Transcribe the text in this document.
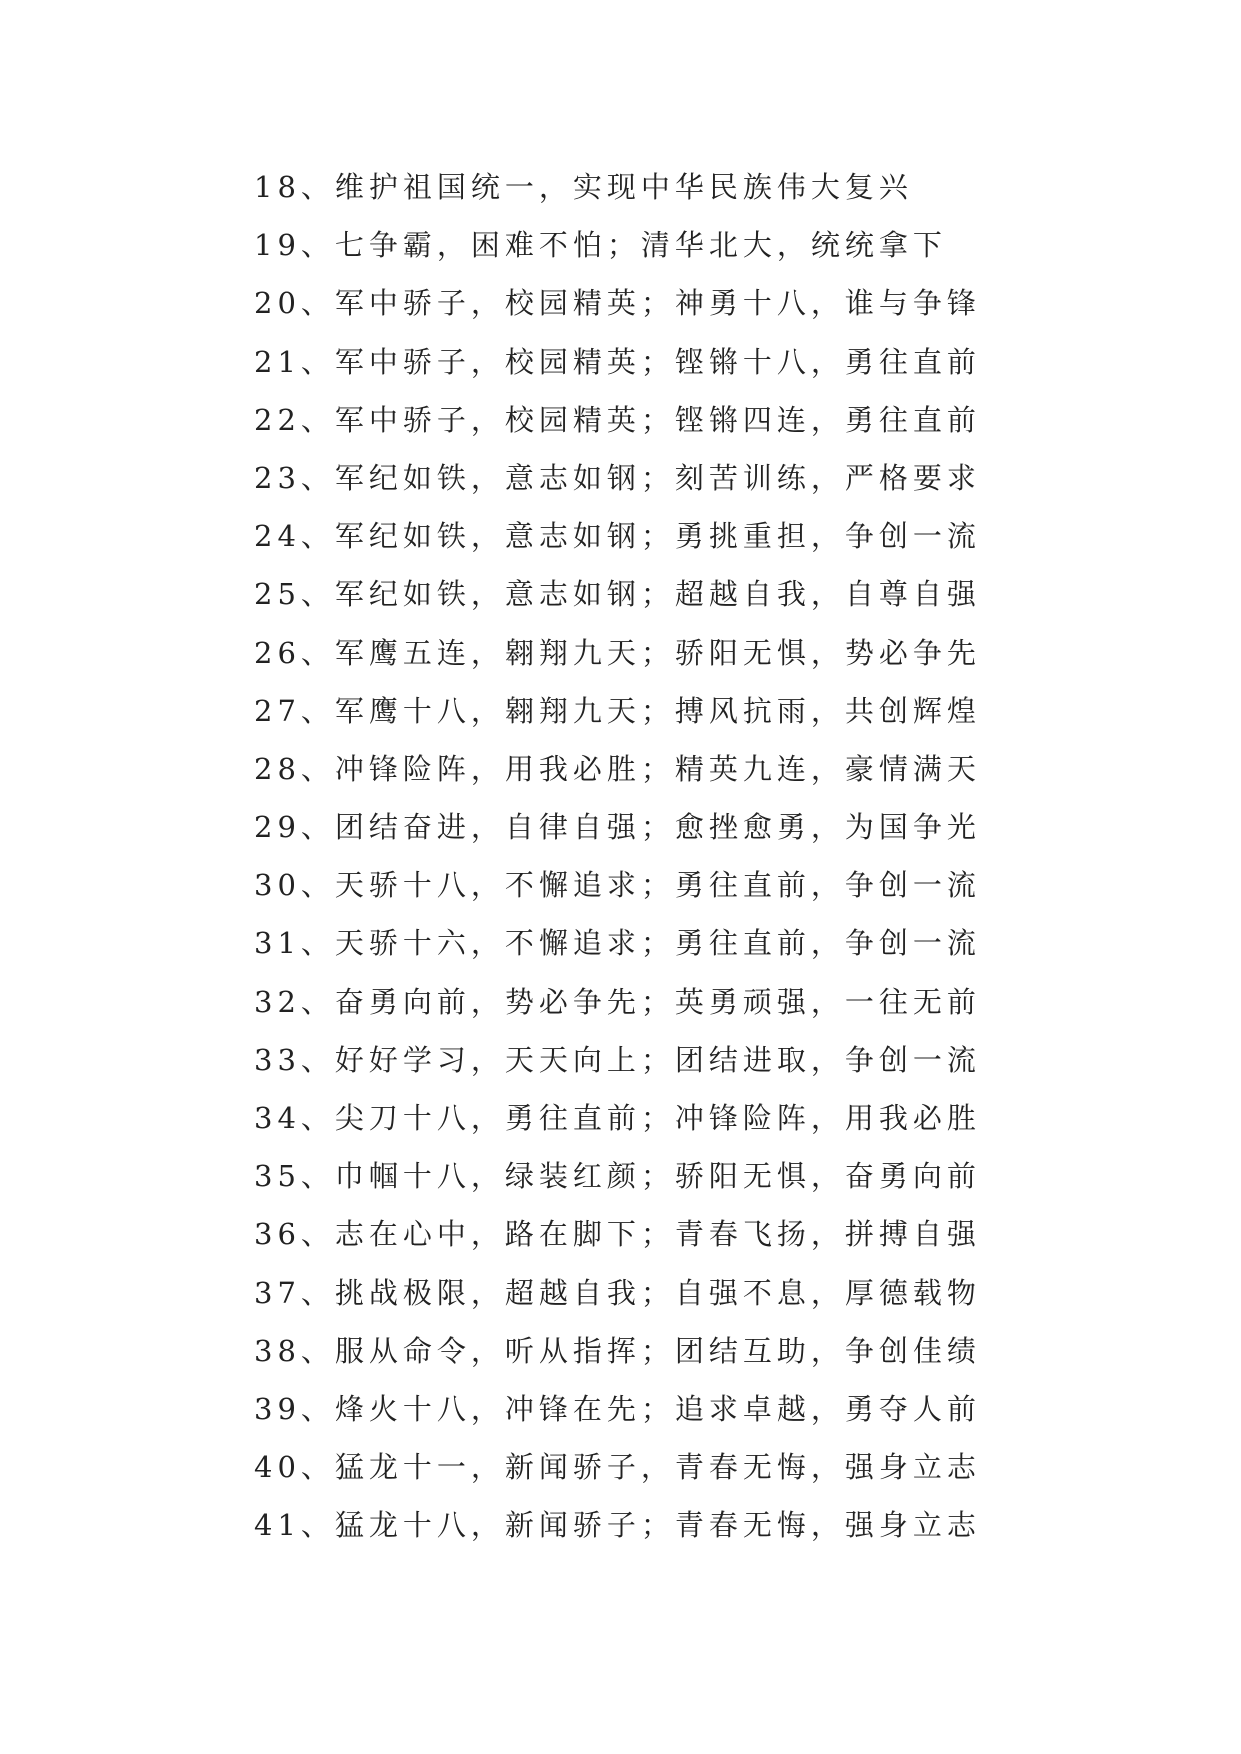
18、维护祖国统一，实现中华民族伟大复兴
19、七争霸，困难不怕；清华北大，统统拿下
20、军中骄子，校园精英；神勇十八，谁与争锋
21、军中骄子，校园精英；铿锵十八，勇往直前
22、军中骄子，校园精英；铿锵四连，勇往直前
23、军纪如铁，意志如钢；刻苦训练，严格要求
24、军纪如铁，意志如钢；勇挑重担，争创一流
25、军纪如铁，意志如钢；超越自我，自尊自强
26、军鹰五连，翱翔九天；骄阳无惧，势必争先
27、军鹰十八，翱翔九天；搏风抗雨，共创辉煌
28、冲锋险阵，用我必胜；精英九连，豪情满天
29、团结奋进，自律自强；愈挫愈勇，为国争光
30、天骄十八，不懈追求；勇往直前，争创一流
31、天骄十六，不懈追求；勇往直前，争创一流
32、奋勇向前，势必争先；英勇顽强，一往无前
33、好好学习，天天向上；团结进取，争创一流
34、尖刀十八，勇往直前；冲锋险阵，用我必胜
35、巾帼十八，绿装红颜；骄阳无惧，奋勇向前
36、志在心中，路在脚下；青春飞扬，拼搏自强
37、挑战极限，超越自我；自强不息，厚德载物
38、服从命令，听从指挥；团结互助，争创佳绩
39、烽火十八，冲锋在先；追求卓越，勇夺人前
40、猛龙十一，新闻骄子，青春无悔，强身立志
41、猛龙十八，新闻骄子；青春无悔，强身立志
